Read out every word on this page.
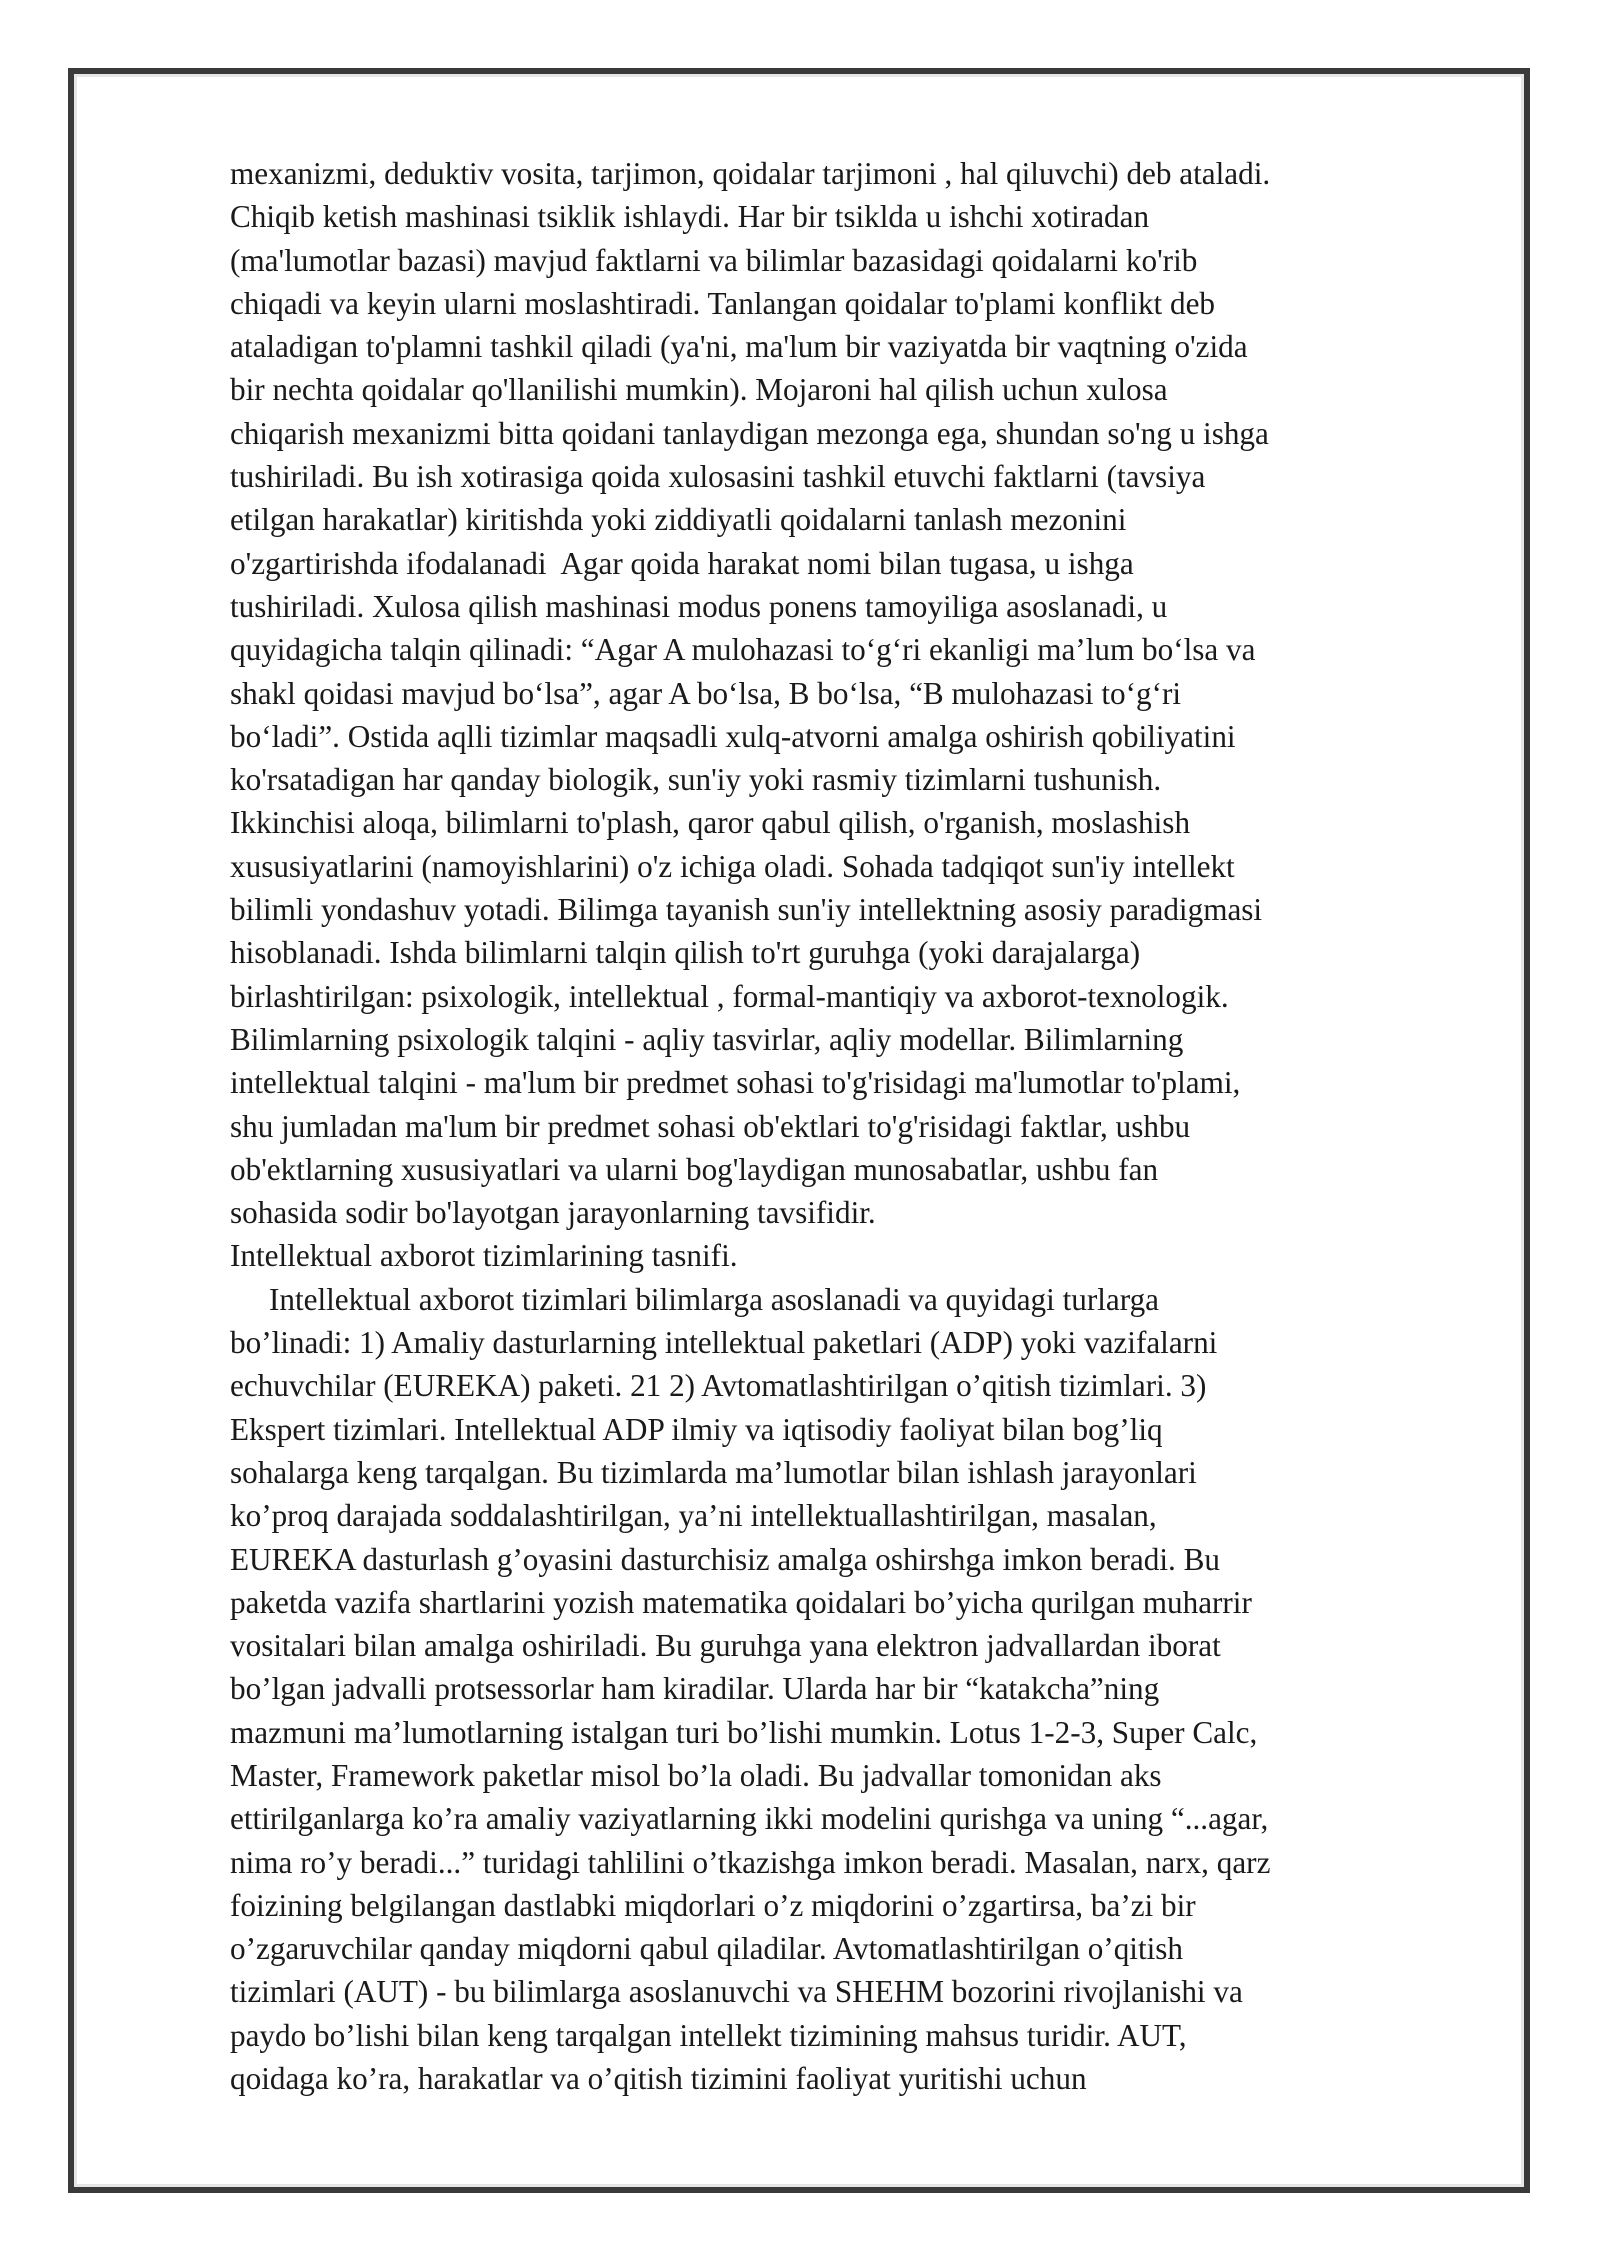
mexanizmi, deduktiv vosita, tarjimon, qoidalar tarjimoni , hal qiluvchi) deb ataladi.
Chiqib ketish mashinasi tsiklik ishlaydi. Har bir tsiklda u ishchi xotiradan
(ma'lumotlar bazasi) mavjud faktlarni va bilimlar bazasidagi qoidalarni ko'rib
chiqadi va keyin ularni moslashtiradi. Tanlangan qoidalar to'plami konflikt deb
ataladigan to'plamni tashkil qiladi (ya'ni, ma'lum bir vaziyatda bir vaqtning o'zida
bir nechta qoidalar qo'llanilishi mumkin). Mojaroni hal qilish uchun xulosa
chiqarish mexanizmi bitta qoidani tanlaydigan mezonga ega, shundan so'ng u ishga
tushiriladi. Bu ish xotirasiga qoida xulosasini tashkil etuvchi faktlarni (tavsiya
etilgan harakatlar) kiritishda yoki ziddiyatli qoidalarni tanlash mezonini
o'zgartirishda ifodalanadi  Agar qoida harakat nomi bilan tugasa, u ishga
tushiriladi. Xulosa qilish mashinasi modus ponens tamoyiliga asoslanadi, u
quyidagicha talqin qilinadi: “Agar A mulohazasi to‘g‘ri ekanligi ma’lum bo‘lsa va
shakl qoidasi mavjud bo‘lsa”, agar A bo‘lsa, B bo‘lsa, “B mulohazasi to‘g‘ri
bo‘ladi”. Ostida aqlli tizimlar maqsadli xulq-atvorni amalga oshirish qobiliyatini
ko'rsatadigan har qanday biologik, sun'iy yoki rasmiy tizimlarni tushunish.
Ikkinchisi aloqa, bilimlarni to'plash, qaror qabul qilish, o'rganish, moslashish
xususiyatlarini (namoyishlarini) o'z ichiga oladi. Sohada tadqiqot sun'iy intellekt
bilimli yondashuv yotadi. Bilimga tayanish sun'iy intellektning asosiy paradigmasi
hisoblanadi. Ishda bilimlarni talqin qilish to'rt guruhga (yoki darajalarga)
birlashtirilgan: psixologik, intellektual , formal-mantiqiy va axborot-texnologik.
Bilimlarning psixologik talqini - aqliy tasvirlar, aqliy modellar. Bilimlarning
intellektual talqini - ma'lum bir predmet sohasi to'g'risidagi ma'lumotlar to'plami,
shu jumladan ma'lum bir predmet sohasi ob'ektlari to'g'risidagi faktlar, ushbu
ob'ektlarning xususiyatlari va ularni bog'laydigan munosabatlar, ushbu fan
sohasida sodir bo'layotgan jarayonlarning tavsifidir.
Intellektual axborot tizimlarining tasnifi.
Intellektual axborot tizimlari bilimlarga asoslanadi va quyidagi turlarga
bo’linadi: 1) Amaliy dasturlarning intellektual paketlari (ADP) yoki vazifalarni
echuvchilar (EUREKA) paketi. 21 2) Avtomatlashtirilgan o’qitish tizimlari. 3)
Ekspert tizimlari. Intellektual ADP ilmiy va iqtisodiy faoliyat bilan bog’liq
sohalarga keng tarqalgan. Bu tizimlarda ma’lumotlar bilan ishlash jarayonlari
ko’proq darajada soddalashtirilgan, ya’ni intellektuallashtirilgan, masalan,
EUREKA dasturlash g’oyasini dasturchisiz amalga oshirshga imkon beradi. Bu
paketda vazifa shartlarini yozish matematika qoidalari bo’yicha qurilgan muharrir
vositalari bilan amalga oshiriladi. Bu guruhga yana elektron jadvallardan iborat
bo’lgan jadvalli protsessorlar ham kiradilar. Ularda har bir “katakcha”ning
mazmuni ma’lumotlarning istalgan turi bo’lishi mumkin. Lotus 1-2-3, Super Calc,
Master, Framework paketlar misol bo’la oladi. Bu jadvallar tomonidan aks
ettirilganlarga ko’ra amaliy vaziyatlarning ikki modelini qurishga va uning “...agar,
nima ro’y beradi...” turidagi tahlilini o’tkazishga imkon beradi. Masalan, narx, qarz
foizining belgilangan dastlabki miqdorlari o’z miqdorini o’zgartirsa, ba’zi bir
o’zgaruvchilar qanday miqdorni qabul qiladilar. Avtomatlashtirilgan o’qitish
tizimlari (AUT) - bu bilimlarga asoslanuvchi va SHEHM bozorini rivojlanishi va
paydo bo’lishi bilan keng tarqalgan intellekt tizimining mahsus turidir. AUT,
qoidaga ko’ra, harakatlar va o’qitish tizimini faoliyat yuritishi uchun
